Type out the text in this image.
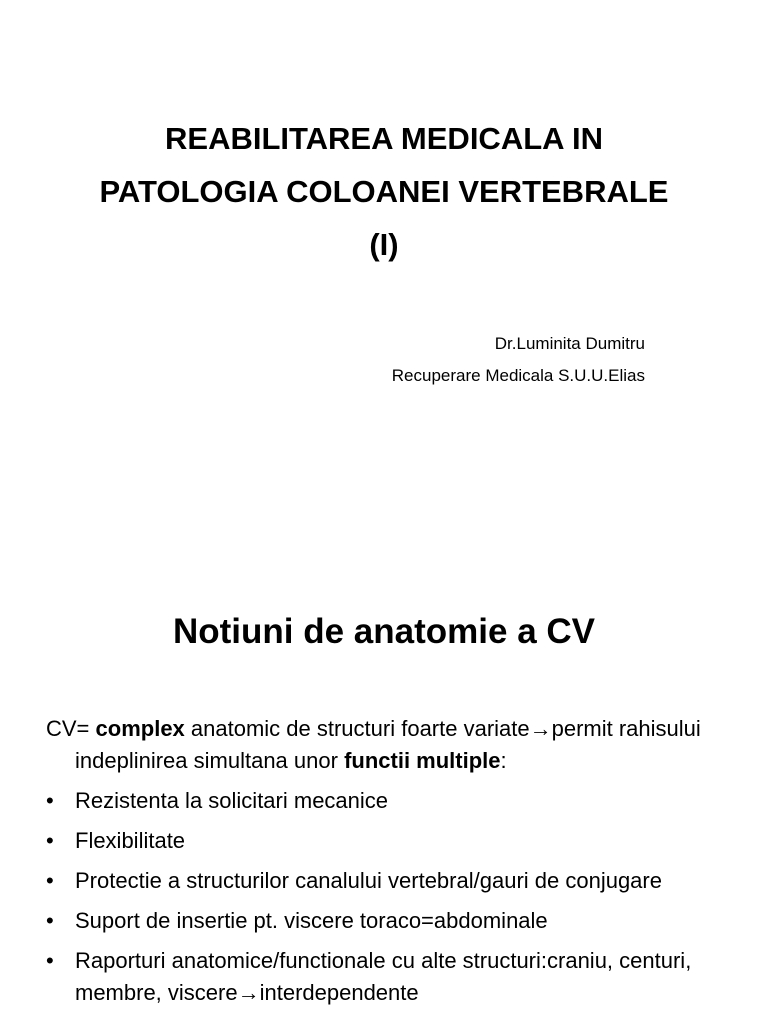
REABILITAREA MEDICALA IN
PATOLOGIA COLOANEI VERTEBRALE
(I)
Dr.Luminita Dumitru
Recuperare Medicala S.U.U.Elias
Notiuni de anatomie a CV
CV= complex anatomic de structuri foarte variate→permit rahisului indeplinirea simultana unor functii multiple:
• Rezistenta la solicitari mecanice
• Flexibilitate
• Protectie a structurilor canalului vertebral/gauri de conjugare
• Suport de insertie pt. viscere toraco=abdominale
• Raporturi anatomice/functionale cu alte structuri:craniu, centuri, membre, viscere→interdependente
